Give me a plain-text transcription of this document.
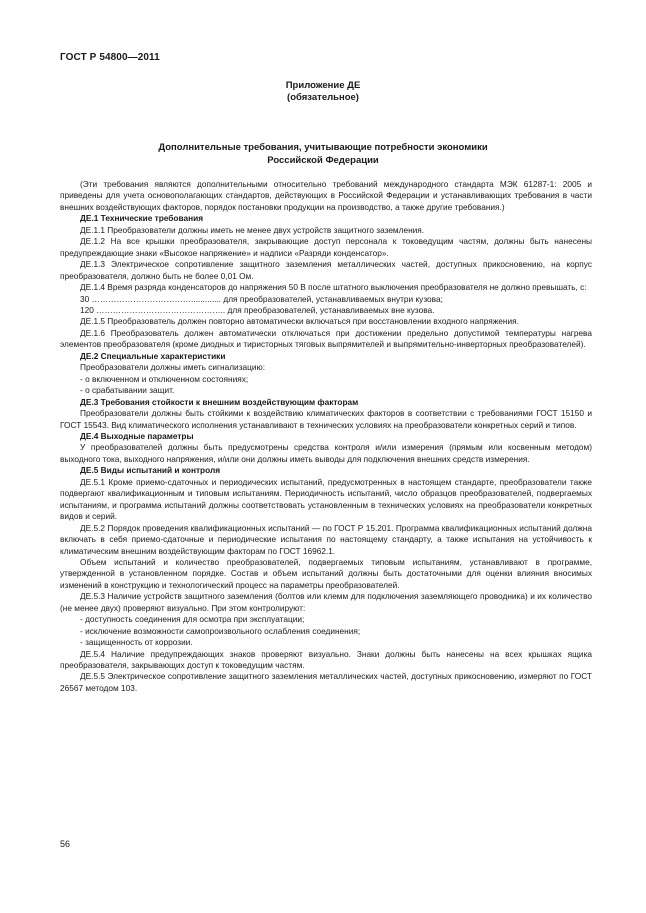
ГОСТ Р 54800—2011
Приложение ДЕ
(обязательное)
Дополнительные требования, учитывающие потребности экономики
Российской Федерации

(Эти требования являются дополнительными относительно требований международного стандарта МЭК 61287-1: 2005 и приведены для учета основополагающих стандартов, действующих в Российской Федерации и устанавливающих требования в части внешних воздействующих факторов, порядок постановки продукции на производство, а также другие требования.)

ДЕ.1 Технические требования

ДЕ.1.1 Преобразователи должны иметь не менее двух устройств защитного заземления.

ДЕ.1.2 На все крышки преобразователя, закрывающие доступ персонала к токоведущим частям, должны быть нанесены предупреждающие знаки «Высокое напряжение» и надписи «Разряди конденсатор».

ДЕ.1.3 Электрическое сопротивление защитного заземления металлических частей, доступных прикосновению, на корпус преобразователя, должно быть не более 0,01 Ом.

ДЕ.1.4 Время разряда конденсаторов до напряжения 50 В после штатного выключения преобразователя не должно превышать, с:

30 ………………………………............. для преобразователей, устанавливаемых внутри кузова;

120 ……………………………………….. для преобразователей, устанавливаемых вне кузова.

ДЕ.1.5 Преобразователь должен повторно автоматически включаться при восстановлении входного напряжения.

ДЕ.1.6 Преобразователь должен автоматически отключаться при достижении предельно допустимой температуры нагрева элементов преобразователя (кроме диодных и тиристорных тяговых выпрямителей и выпрямительно-инверторных преобразователей).

ДЕ.2 Специальные характеристики

Преобразователи должны иметь сигнализацию:

- о включенном и отключенном состояниях;

- о срабатывании защит.

ДЕ.3 Требования стойкости к внешним воздействующим факторам

Преобразователи должны быть стойкими к воздействию климатических факторов в соответствии с требованиями ГОСТ 15150 и ГОСТ 15543. Вид климатического исполнения устанавливают в технических условиях на преобразователи конкретных серий и типов.

ДЕ.4 Выходные параметры

У преобразователей должны быть предусмотрены средства контроля и/или измерения (прямым или косвенным методом) выходного тока, выходного напряжения, и/или они должны иметь выводы для подключения внешних средств измерения.

ДЕ.5 Виды испытаний и контроля

ДЕ.5.1 Кроме приемо-сдаточных и периодических испытаний, предусмотренных в настоящем стандарте, преобразователи также подвергают квалификационным и типовым испытаниям. Периодичность испытаний, число образцов преобразователей, подвергаемых испытаниям, и программа испытаний должны соответствовать установленным в технических условиях на преобразователи конкретных видов и серий.

ДЕ.5.2 Порядок проведения квалификационных испытаний — по ГОСТ Р 15.201. Программа квалификационных испытаний должна включать в себя приемо-сдаточные и периодические испытания по настоящему стандарту, а также испытания на устойчивость к климатическим внешним воздействующим факторам по ГОСТ 16962.1.

Объем испытаний и количество преобразователей, подвергаемых типовым испытаниям, устанавливают в программе, утвержденной в установленном порядке. Состав и объем испытаний должны быть достаточными для оценки влияния вносимых изменений в конструкцию и технологический процесс на параметры преобразователей.

ДЕ.5.3 Наличие устройств защитного заземления (болтов или клемм для подключения заземляющего проводника) и их количество (не менее двух) проверяют визуально. При этом контролируют:

- доступность соединения для осмотра при эксплуатации;

- исключение возможности самопроизвольного ослабления соединения;

- защищенность от коррозии.

ДЕ.5.4 Наличие предупреждающих знаков проверяют визуально. Знаки должны быть нанесены на всех крышках ящика преобразователя, закрывающих доступ к токоведущим частям.

ДЕ.5.5 Электрическое сопротивление защитного заземления металлических частей, доступных прикосновению, измеряют по ГОСТ 26567 методом 103.

56
